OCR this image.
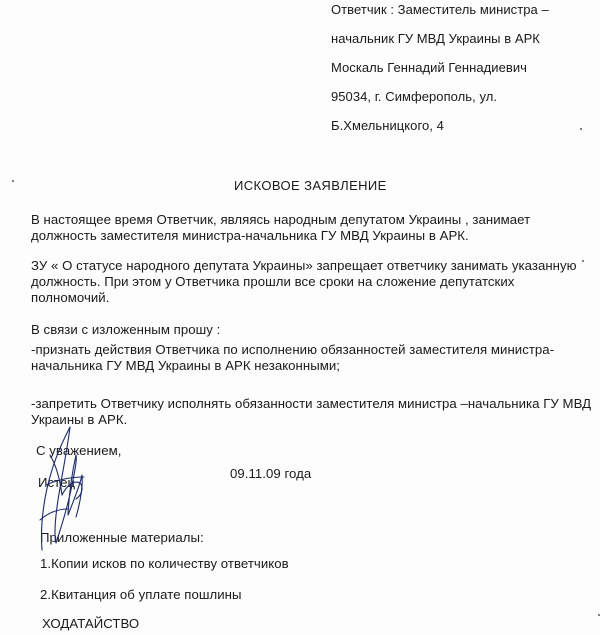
Ответчик : Заместитель министра –
начальник ГУ МВД Украины в АРК
Москаль Геннадий Геннадиевич
95034, г. Симферополь, ул.
Б.Хмельницкого, 4
ИСКОВОЕ ЗАЯВЛЕНИЕ
В настоящее время Ответчик, являясь народным депутатом Украины , занимает
должность заместителя министра-начальника ГУ МВД Украины в АРК.
ЗУ « О статусе народного депутата Украины» запрещает ответчику занимать указанную
должность. При этом у Ответчика прошли все сроки на сложение депутатских
полномочий.
В связи с изложенным прошу :
-признать действия Ответчика по исполнению обязанностей заместителя министра-
начальника ГУ МВД Украины в АРК незаконными;
-запретить Ответчику исполнять обязанности заместителя министра –начальника ГУ МВД
Украины в АРК.
С уважением,
Истец
09.11.09 года
Приложенные материалы:
1.Копии исков по количеству ответчиков
2.Квитанция об уплате пошлины
ХОДАТАЙСТВО
